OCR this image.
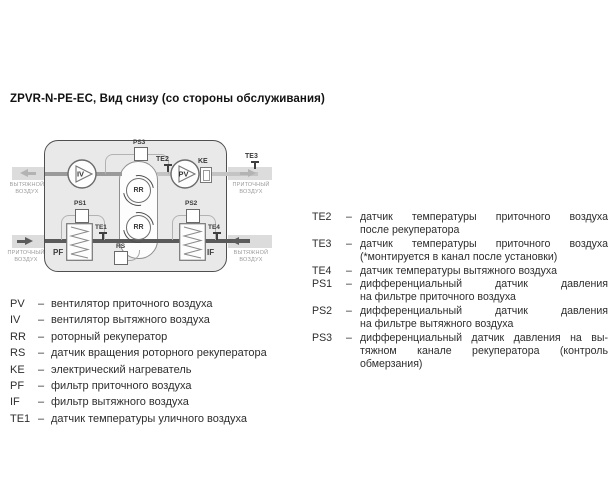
ZPVR-N-PE-EC, Вид снизу (со стороны обслуживания)
ВЫТЯЖНОЙ
ВОЗДУХ
ПРИТОЧНЫЙ
ВОЗДУХ
ПРИТОЧНЫЙ
ВОЗДУХ
ВЫТЯЖНОЙ
ВОЗДУХ
RR
RR
PS3
PS1	PS2
RS
IV	PV
KE
PF	IF
TE1
TE2	TE3
TE4
PV	– вентилятор приточного воздуха
IV	– вентилятор вытяжного воздуха
RR	– роторный рекуператор
RS	– датчик вращения роторного рекуператора
KE	– электрический нагреватель
PF	– фильтр приточного воздуха
IF	– фильтр вытяжного воздуха
TE1 – датчик температуры уличного воздуха
TE2	– датчик температуры приточного воздуха
после рекуператора
TE3	– датчик температуры приточного воздуха
(*монтируется в канал после установки)
TE4	– датчик температуры вытяжного воздуха
PS1	– дифференциальный датчик давления
на фильтре приточного воздуха
PS2	– дифференциальный датчик давления
на фильтре вытяжного воздуха
PS3	– дифференциальный датчик давления на вы-
тяжном канале рекуператора (контроль
обмерзания)
